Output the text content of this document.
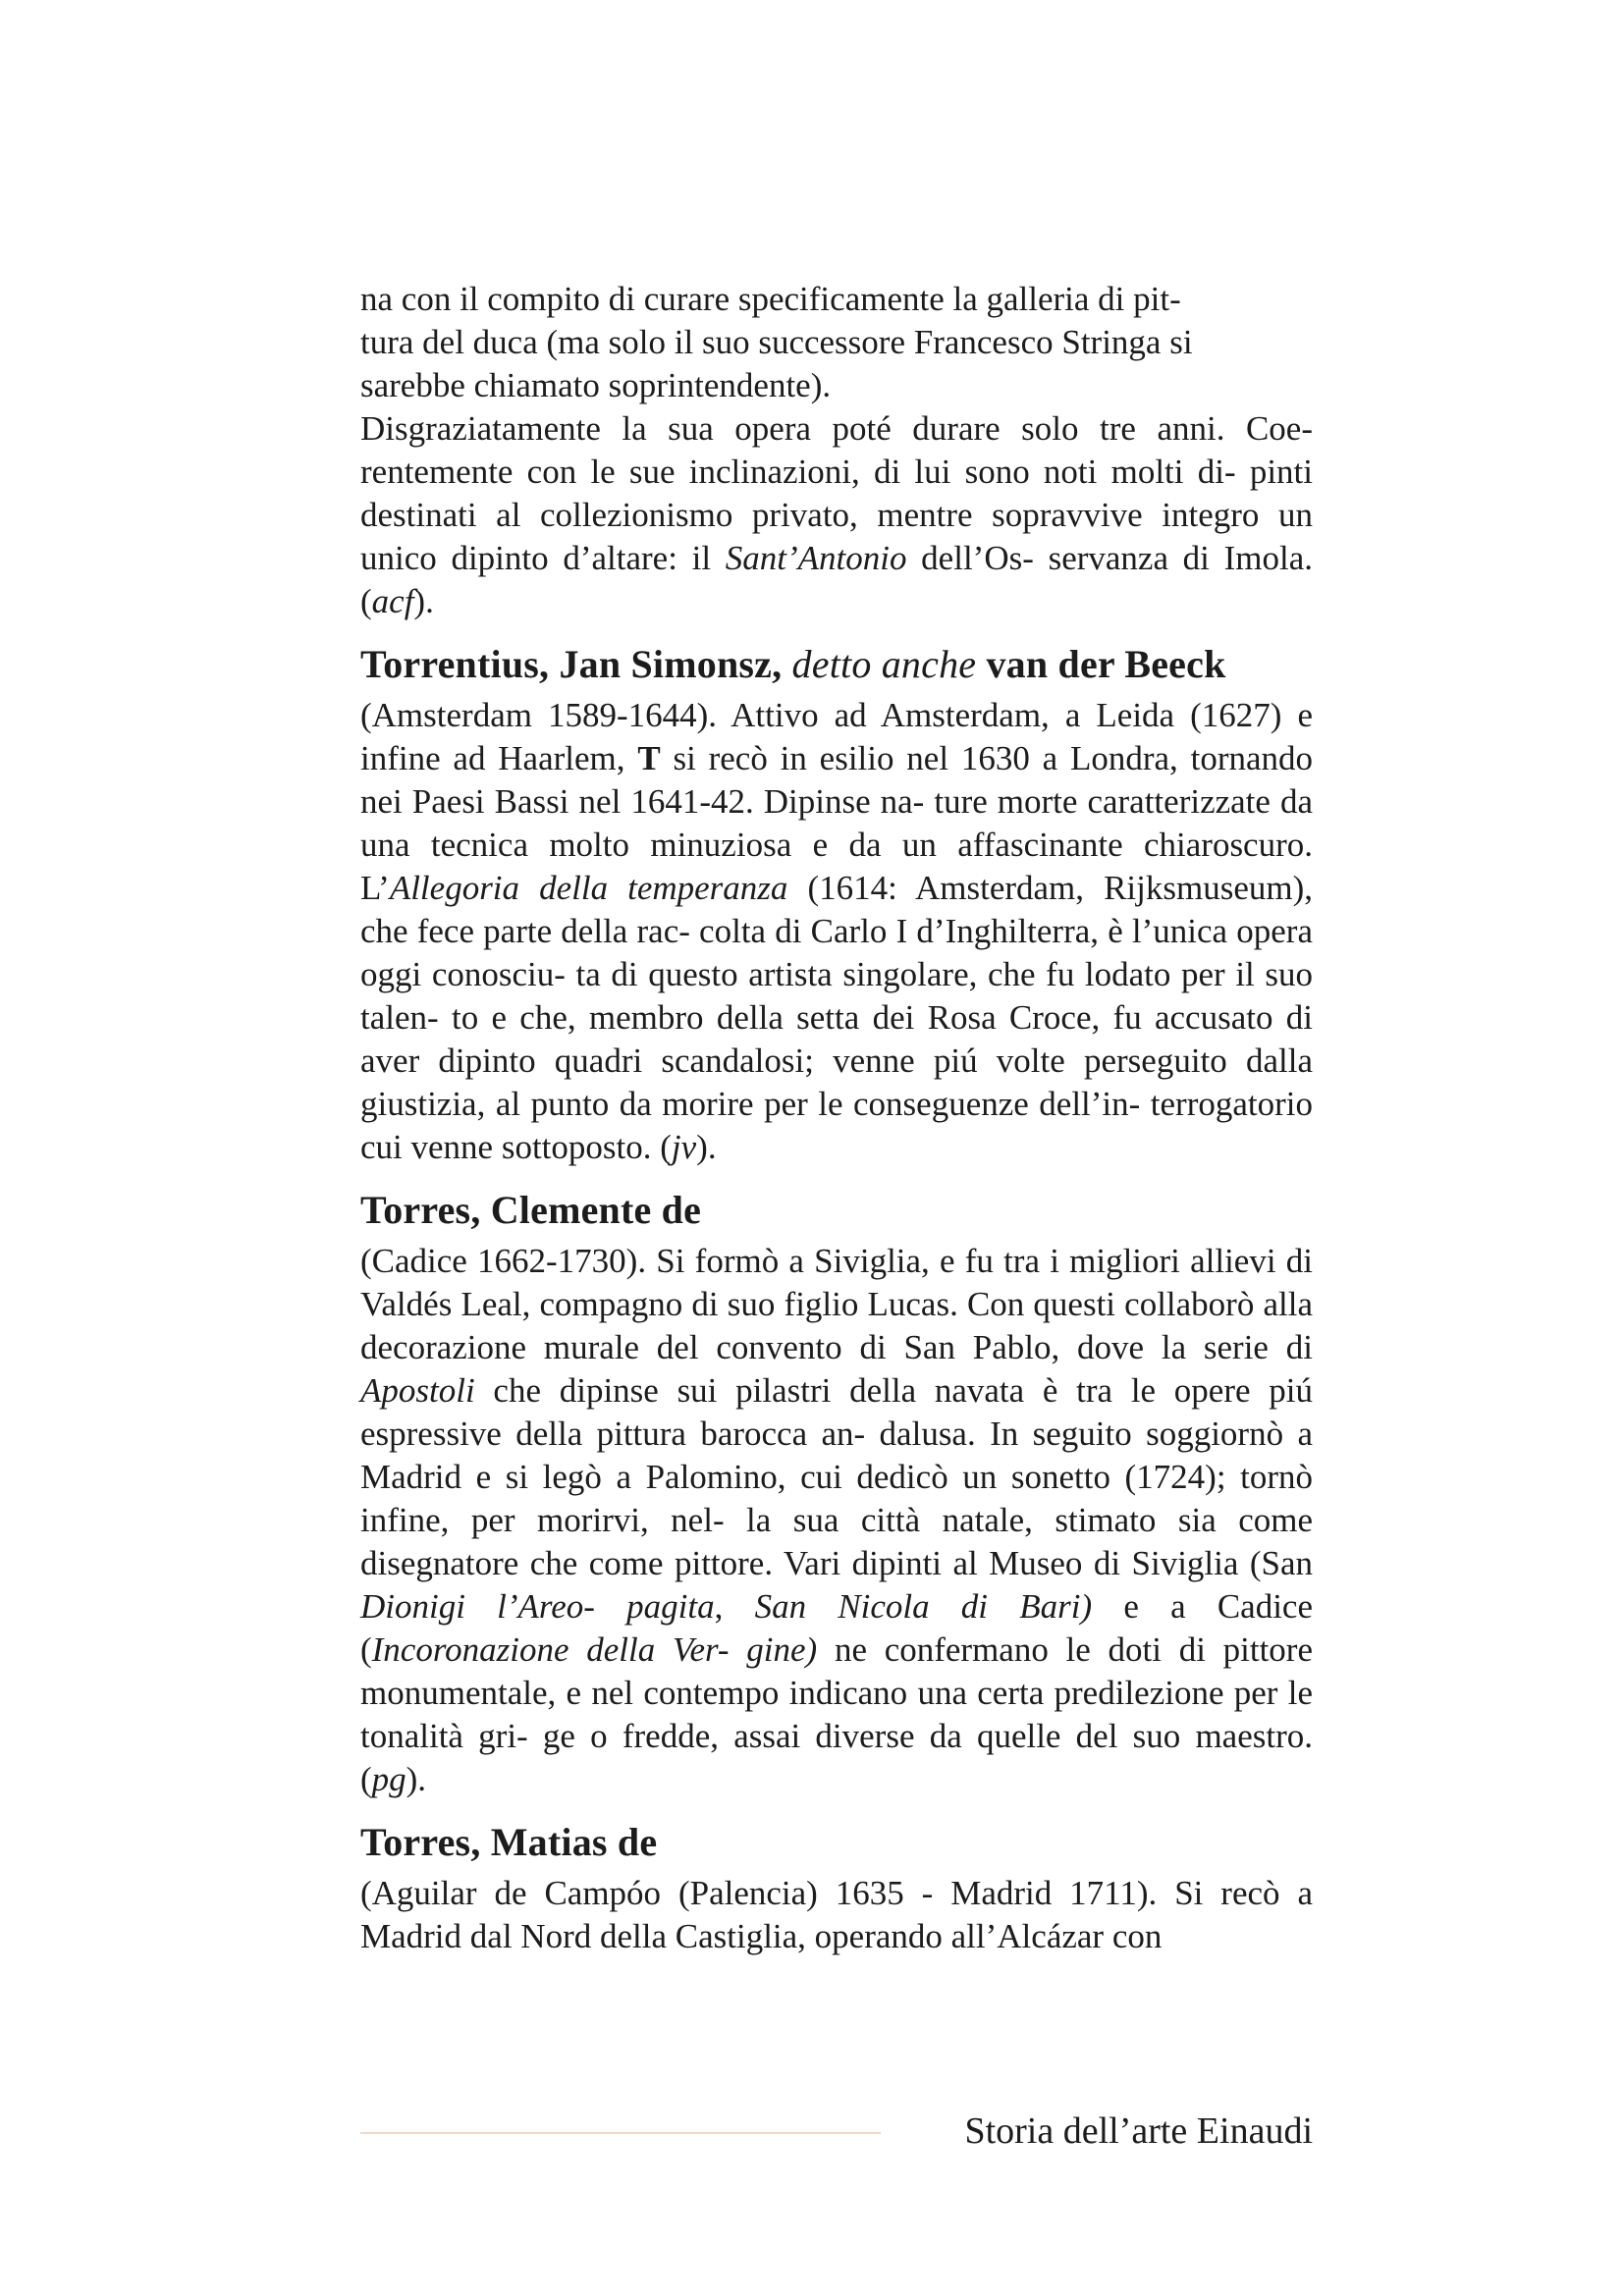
na con il compito di curare specificamente la galleria di pit-
tura del duca (ma solo il suo successore Francesco Stringa si
sarebbe chiamato soprintendente).

Disgraziatamente la sua opera poté durare solo tre anni. Coe- rentemente con le sue inclinazioni, di lui sono noti molti di- pinti destinati al collezionismo privato, mentre sopravvive integro un unico dipinto d’altare: il Sant’Antonio dell’Os- servanza di Imola. (acf).

Torrentius, Jan Simonsz, detto anche van der Beeck

(Amsterdam 1589-1644). Attivo ad Amsterdam, a Leida (1627) e infine ad Haarlem, T si recò in esilio nel 1630 a Londra, tornando nei Paesi Bassi nel 1641-42. Dipinse na- ture morte caratterizzate da una tecnica molto minuziosa e da un affascinante chiaroscuro. L’Allegoria della temperanza (1614: Amsterdam, Rijksmuseum), che fece parte della rac- colta di Carlo I d’Inghilterra, è l’unica opera oggi conosciu- ta di questo artista singolare, che fu lodato per il suo talen- to e che, membro della setta dei Rosa Croce, fu accusato di aver dipinto quadri scandalosi; venne piú volte perseguito dalla giustizia, al punto da morire per le conseguenze dell’in- terrogatorio cui venne sottoposto. (jv).

Torres, Clemente de

(Cadice 1662-1730). Si formò a Siviglia, e fu tra i migliori allievi di Valdés Leal, compagno di suo figlio Lucas. Con questi collaborò alla decorazione murale del convento di San Pablo, dove la serie di Apostoli che dipinse sui pilastri della navata è tra le opere piú espressive della pittura barocca an- dalusa. In seguito soggiornò a Madrid e si legò a Palomino, cui dedicò un sonetto (1724); tornò infine, per morirvi, nel- la sua città natale, stimato sia come disegnatore che come pittore. Vari dipinti al Museo di Siviglia (San Dionigi l’Areo- pagita, San Nicola di Bari) e a Cadice (Incoronazione della Ver- gine) ne confermano le doti di pittore monumentale, e nel contempo indicano una certa predilezione per le tonalità gri- ge o fredde, assai diverse da quelle del suo maestro. (pg).

Torres, Matias de

(Aguilar de Campóo (Palencia) 1635 - Madrid 1711). Si recò a Madrid dal Nord della Castiglia, operando all’Alcázar con

Storia dell’arte Einaudi
